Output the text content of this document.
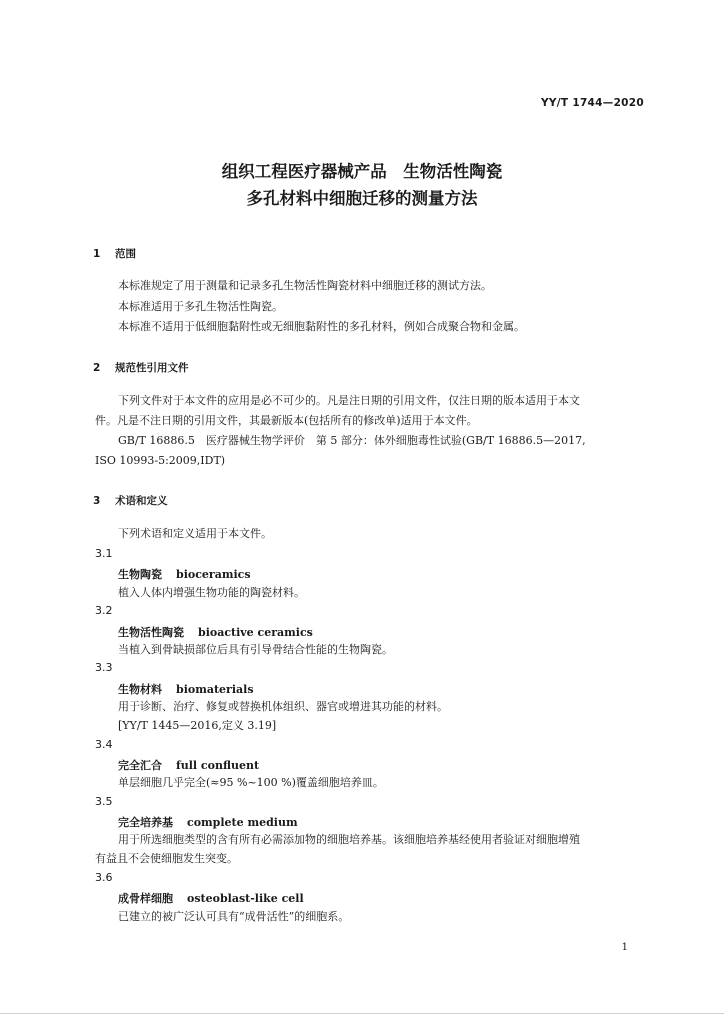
YY/T 1744—2020
组织工程医疗器械产品　生物活性陶瓷
多孔材料中细胞迁移的测量方法
1 范围
本标准规定了用于测量和记录多孔生物活性陶瓷材料中细胞迁移的测试方法。
本标准适用于多孔生物活性陶瓷。
本标准不适用于低细胞黏附性或无细胞黏附性的多孔材料，例如合成聚合物和金属。
2 规范性引用文件
下列文件对于本文件的应用是必不可少的。凡是注日期的引用文件，仅注日期的版本适用于本文
件。凡是不注日期的引用文件，其最新版本(包括所有的修改单)适用于本文件。
GB/T 16886.5　医疗器械生物学评价　第 5 部分：体外细胞毒性试验(GB/T 16886.5—2017,
ISO 10993-5:2009,IDT)
3 术语和定义
下列术语和定义适用于本文件。
3.1
生物陶瓷 bioceramics
植入人体内增强生物功能的陶瓷材料。
3.2
生物活性陶瓷 bioactive ceramics
当植入到骨缺损部位后具有引导骨结合性能的生物陶瓷。
3.3
生物材料 biomaterials
用于诊断、治疗、修复或替换机体组织、器官或增进其功能的材料。
[YY/T 1445—2016,定义 3.19]
3.4
完全汇合 full confluent
单层细胞几乎完全(≈95 %~100 %)覆盖细胞培养皿。
3.5
完全培养基 complete medium
用于所选细胞类型的含有所有必需添加物的细胞培养基。该细胞培养基经使用者验证对细胞增殖
有益且不会使细胞发生突变。
3.6
成骨样细胞 osteoblast-like cell
已建立的被广泛认可具有“成骨活性”的细胞系。
1
